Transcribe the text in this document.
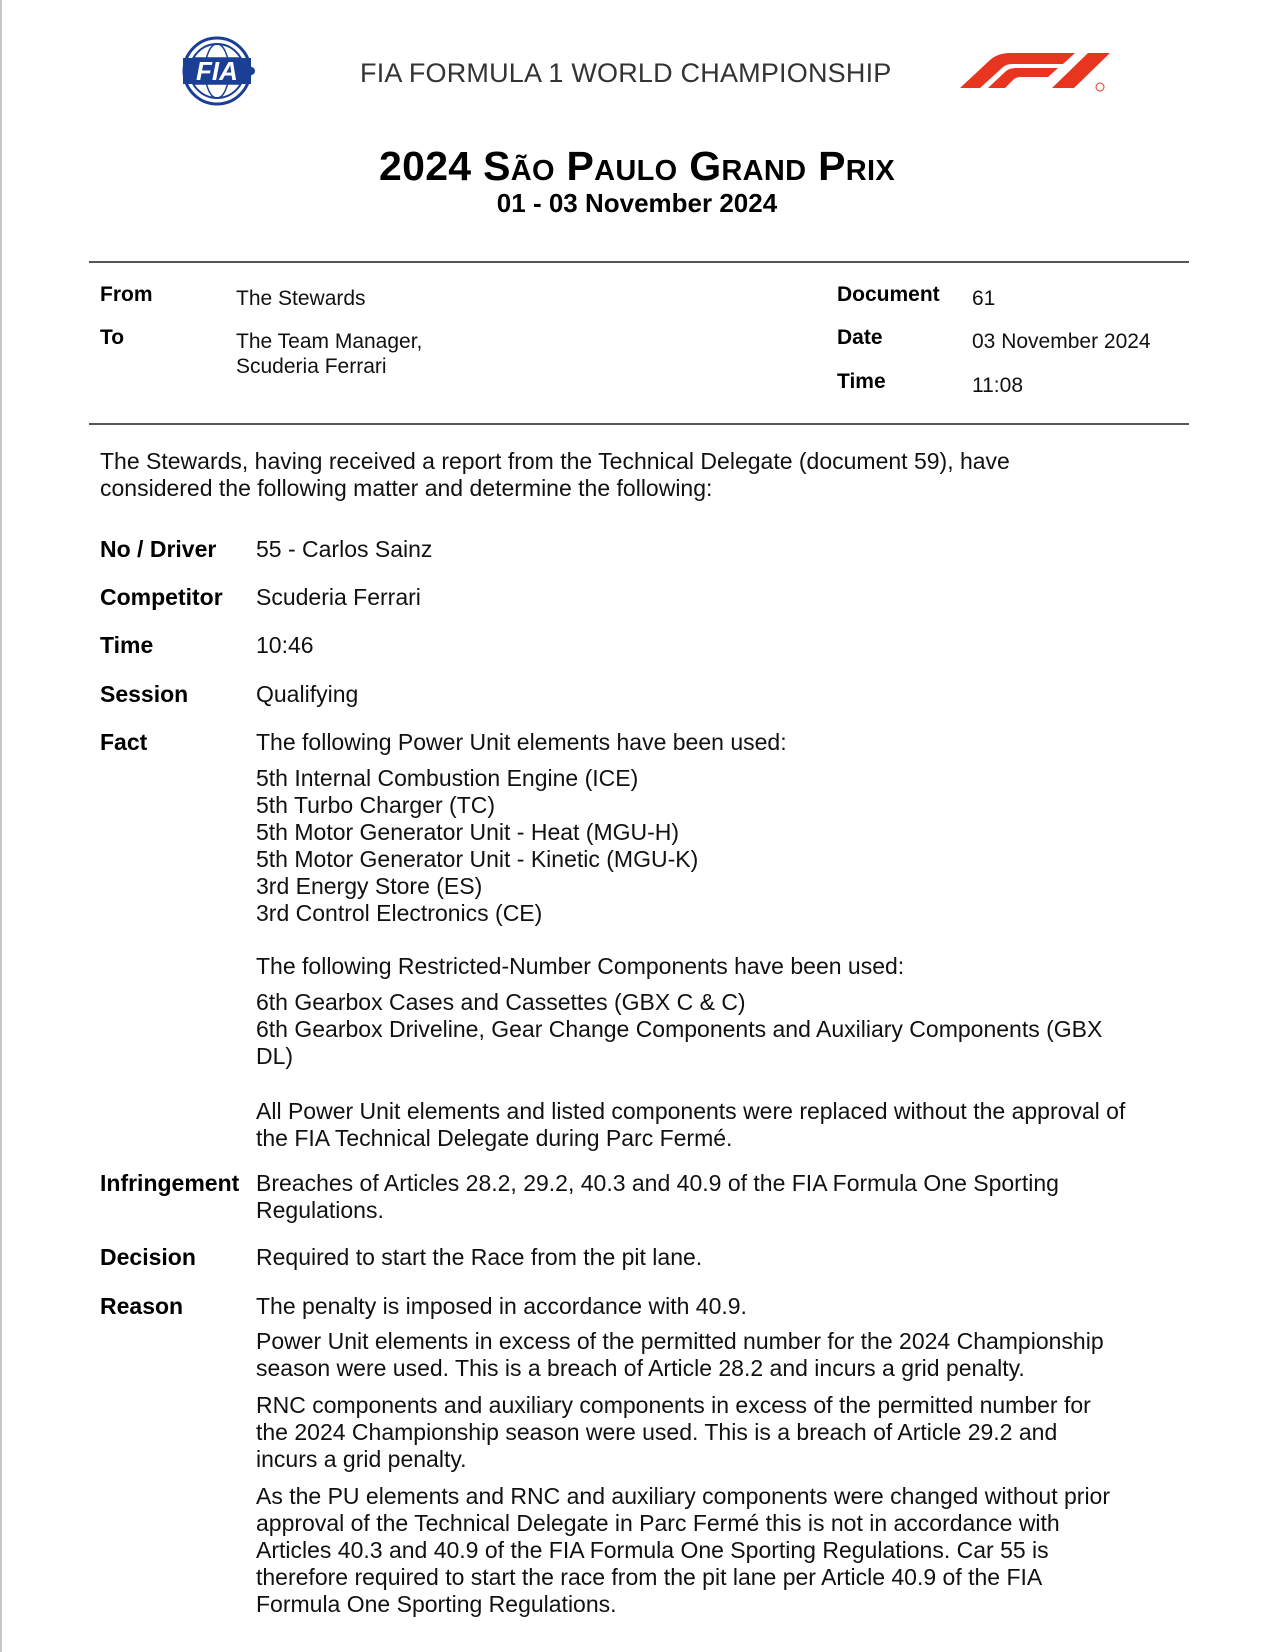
FIA	FIA FORMULA 1 WORLD CHAMPIONSHIP
2024 São Paulo Grand Prix
01 - 03 November 2024
From	The Stewards
To	The Team Manager,
Scuderia Ferrari
Document 61
Date	03 November 2024
Time	11:08
The Stewards, having received a report from the Technical Delegate (document 59), have
considered the following matter and determine the following:
No / Driver 55 - Carlos Sainz
Competitor Scuderia Ferrari
Time	10:46
Session	Qualifying
Fact	The following Power Unit elements have been used:
5th Internal Combustion Engine (ICE)
5th Turbo Charger (TC)
5th Motor Generator Unit - Heat (MGU-H)
5th Motor Generator Unit - Kinetic (MGU-K)
3rd Energy Store (ES)
3rd Control Electronics (CE)
The following Restricted-Number Components have been used:
6th Gearbox Cases and Cassettes (GBX C & C)
6th Gearbox Driveline, Gear Change Components and Auxiliary Components (GBX
DL)
All Power Unit elements and listed components were replaced without the approval of
the FIA Technical Delegate during Parc Fermé.
Infringement Breaches of Articles 28.2, 29.2, 40.3 and 40.9 of the FIA Formula One Sporting
Regulations.
Decision	Required to start the Race from the pit lane.
Reason	The penalty is imposed in accordance with 40.9.
Power Unit elements in excess of the permitted number for the 2024 Championship
season were used. This is a breach of Article 28.2 and incurs a grid penalty.
RNC components and auxiliary components in excess of the permitted number for
the 2024 Championship season were used. This is a breach of Article 29.2 and
incurs a grid penalty.
As the PU elements and RNC and auxiliary components were changed without prior
approval of the Technical Delegate in Parc Fermé this is not in accordance with
Articles 40.3 and 40.9 of the FIA Formula One Sporting Regulations. Car 55 is
therefore required to start the race from the pit lane per Article 40.9 of the FIA
Formula One Sporting Regulations.
